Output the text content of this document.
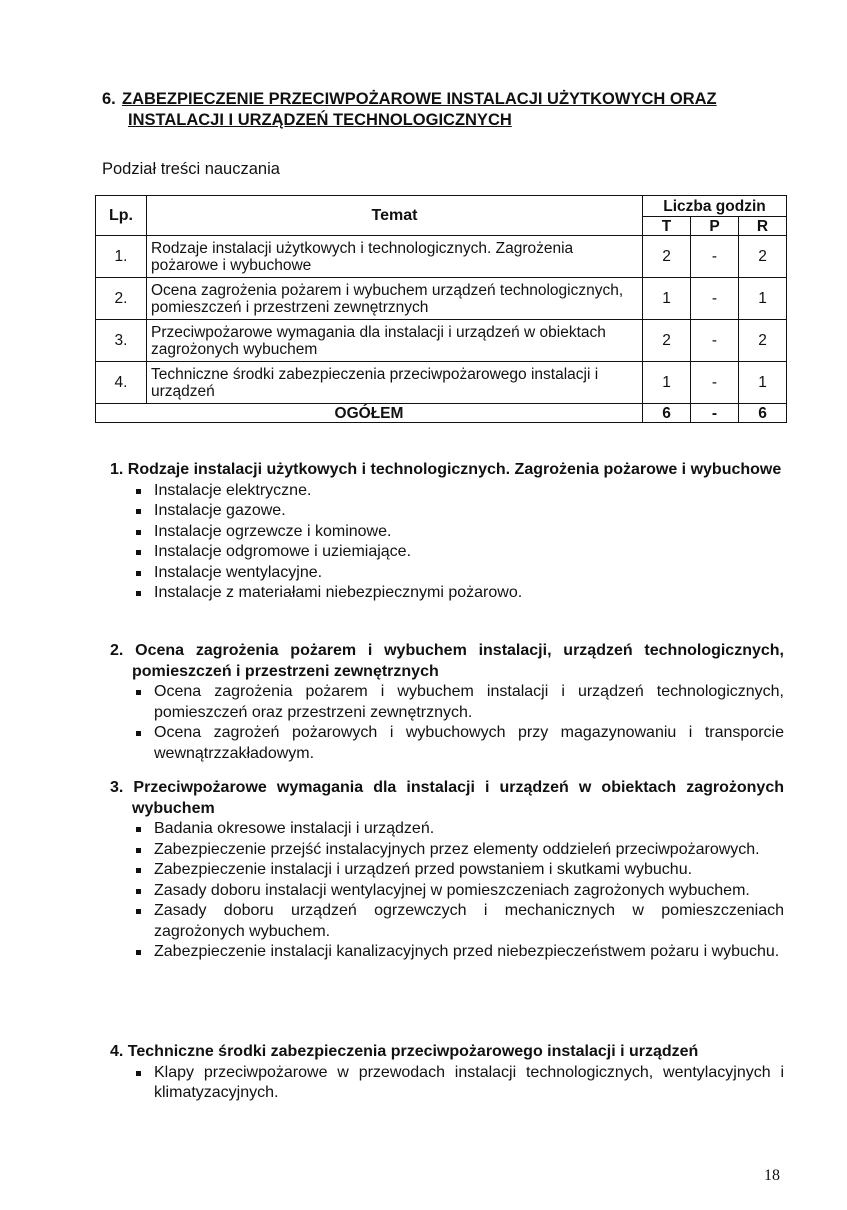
6. ZABEZPIECZENIE PRZECIWPOŻAROWE INSTALACJI UŻYTKOWYCH ORAZ
INSTALACJI I URZĄDZEŃ TECHNOLOGICZNYCH
Podział treści nauczania
Lp.	Temat	Liczba godzin		
		T	P	R
1.	Rodzaje instalacji użytkowych i technologicznych. Zagrożenia pożarowe i wybuchowe	2	-	2
2.	Ocena zagrożenia pożarem i wybuchem urządzeń technologicznych, pomieszczeń i przestrzeni zewnętrznych	1	-	1
3.	Przeciwpożarowe wymagania dla instalacji i urządzeń w obiektach zagrożonych wybuchem	2	-	2
4.	Techniczne środki zabezpieczenia przeciwpożarowego instalacji i urządzeń	1	-	1
OGÓŁEM		6	-	6
1. Rodzaje instalacji użytkowych i technologicznych. Zagrożenia pożarowe i wybuchowe
Instalacje elektryczne.
Instalacje gazowe.
Instalacje ogrzewcze i kominowe.
Instalacje odgromowe i uziemiające.
Instalacje wentylacyjne.
Instalacje z materiałami niebezpiecznymi pożarowo.
2. Ocena zagrożenia pożarem i wybuchem instalacji, urządzeń technologicznych, pomieszczeń i przestrzeni zewnętrznych
Ocena zagrożenia pożarem i wybuchem instalacji i urządzeń technologicznych, pomieszczeń oraz przestrzeni zewnętrznych.
Ocena zagrożeń pożarowych i wybuchowych przy magazynowaniu i transporcie wewnątrzzakładowym.
3. Przeciwpożarowe wymagania dla instalacji i urządzeń w obiektach zagrożonych wybuchem
Badania okresowe instalacji i urządzeń.
Zabezpieczenie przejść instalacyjnych przez elementy oddzieleń przeciwpożarowych.
Zabezpieczenie instalacji i urządzeń przed powstaniem i skutkami wybuchu.
Zasady doboru instalacji wentylacyjnej w pomieszczeniach zagrożonych wybuchem.
Zasady doboru urządzeń ogrzewczych i mechanicznych w pomieszczeniach zagrożonych wybuchem.
Zabezpieczenie instalacji kanalizacyjnych przed niebezpieczeństwem pożaru i wybuchu.
4. Techniczne środki zabezpieczenia przeciwpożarowego instalacji i urządzeń
Klapy przeciwpożarowe w przewodach instalacji technologicznych, wentylacyjnych i klimatyzacyjnych.
18
